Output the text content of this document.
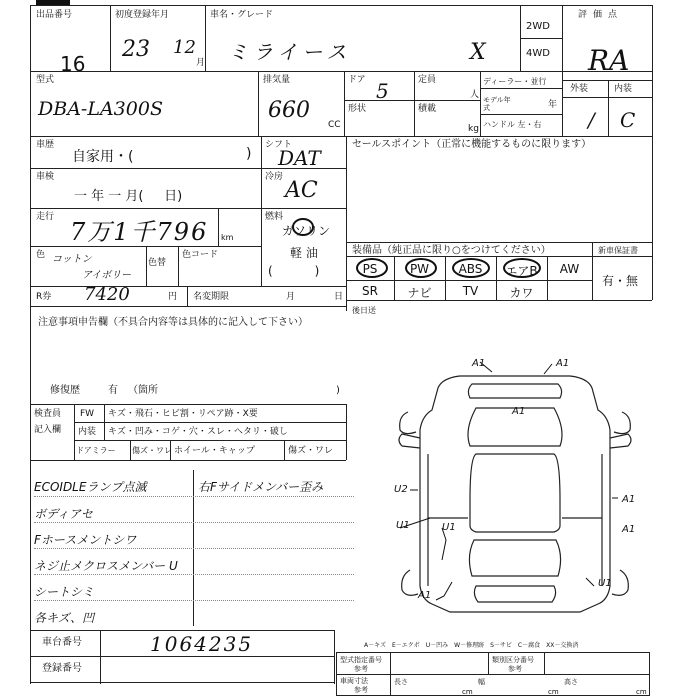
出品番号
16
初度登録年月
23 12
月
車名・グレード
ミライース	X
2WD
4WD
評価点
RA
外装	内装
/ C
型式
DBA-LA300S
排気量
660
CC
ドア 5	定員
人
形状	積載
kg
ディーラー・並行
モデル年式	年
ハンドル 左・右
車歴
自家用・(	)
シフト
DAT
セールスポイント（正常に機能するものに限ります）
車検
一 年 一 月(     日)
冷房
AC
走行
7万1千796 km
燃料
ガソリン
軽 油
(           )
色 コットン
アイボリー
色替
色コード	装備品（純正品に限り○をつけてください）	新車保証書
PS	PW	ABS	エアB	AW
SR	ナビ	TV	カワ
有・無
R券 7420	円 名変期限	月	日
後日送
注意事項申告欄（不具合内容等は具体的に記入して下さい）
修復歴	有 （箇所	)
検査員
記入欄
FW キズ・飛石・ヒビ割・リペア跡・X要
内装 キズ・凹み・コゲ・穴・スレ・ヘタリ・破し
ドアミラー 傷ズ・ワレ ホイール・キャップ	傷ズ・ワレ
ECOIDLEランプ点滅	右Fサイドメンバー歪み
ボディアセ
Fホースメントシワ
ネジ止メクロスメンバー U
シートシミ
各キズ、凹
A1	A1
A1
U2
A1
A1
U1	U1
U1
A1
A－キズ　E－エクボ　U－凹み　W－修理跡　S－サビ　C－腐食　XX－交換済
車台番号	1064235
登録番号
型式指定番号
参考
類別区分番号
参考
車両寸法
参考
長さ
cm
幅
cm
高さ
cm
